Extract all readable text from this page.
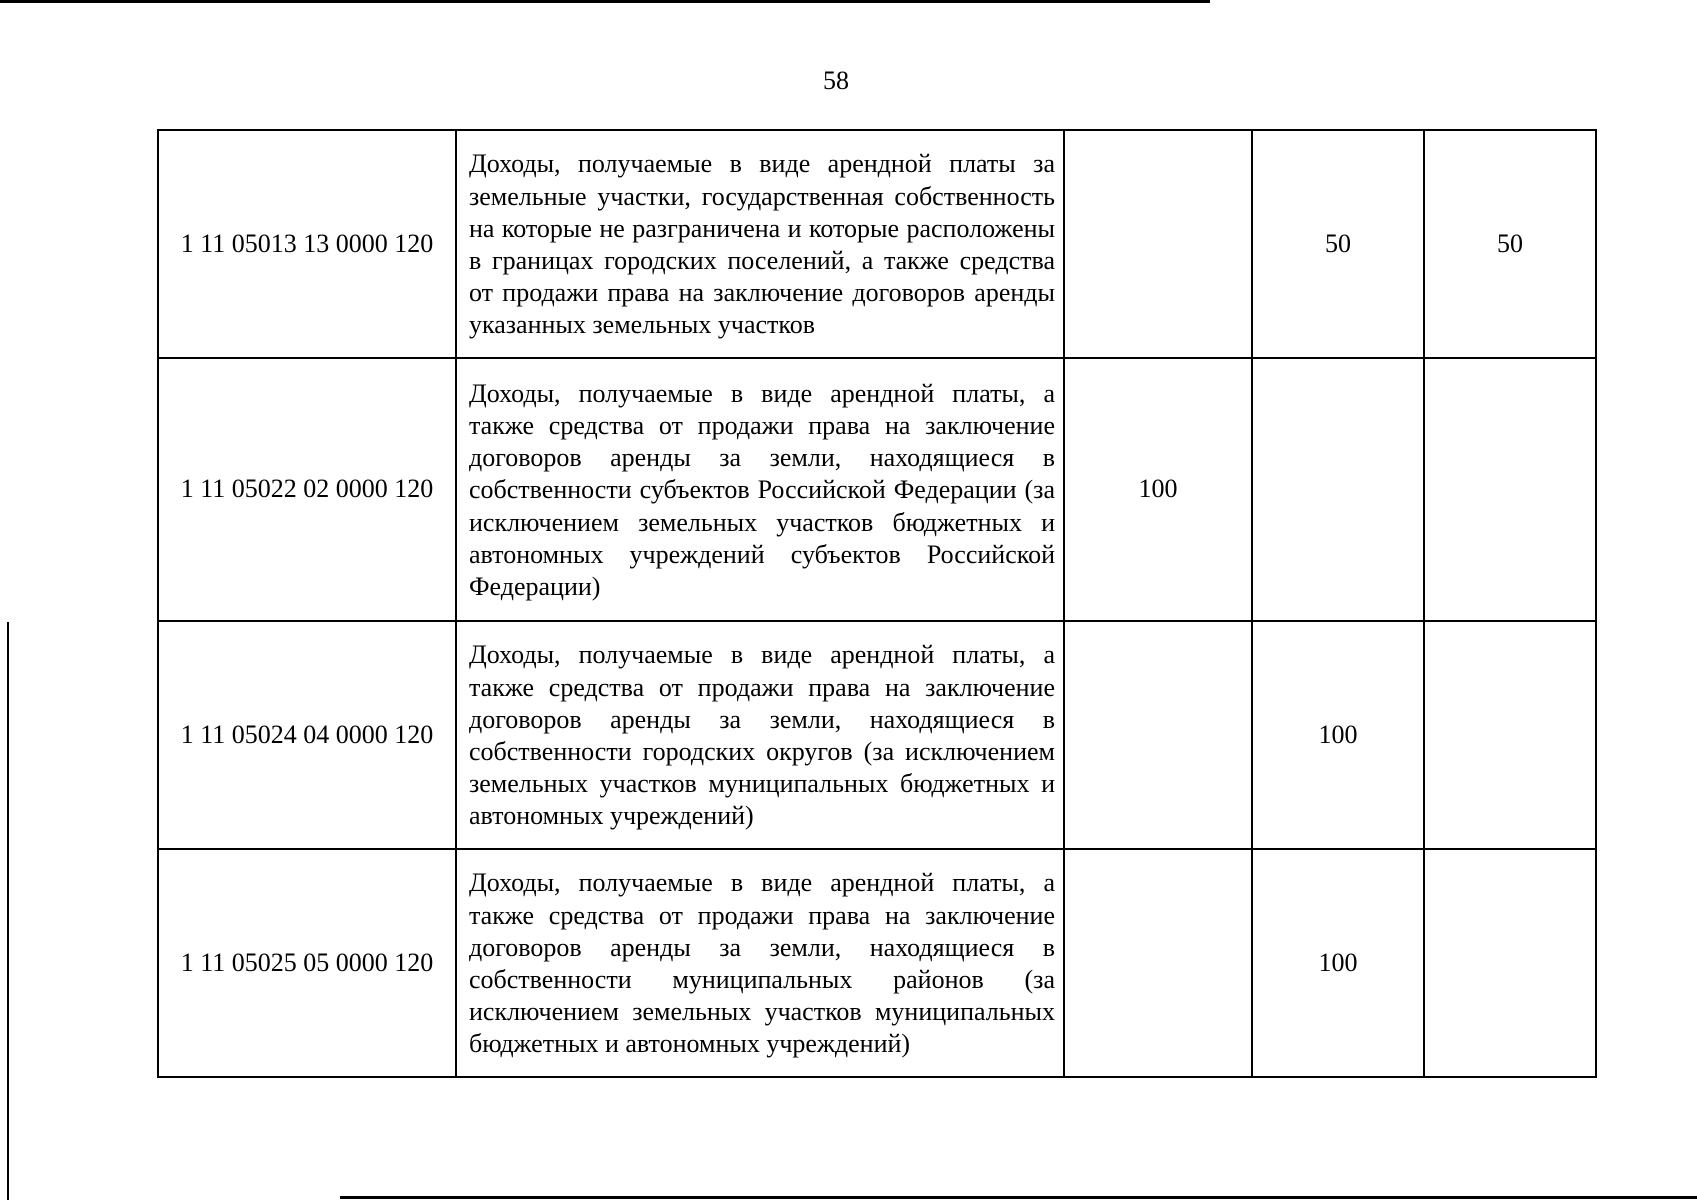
58
1 11 05013 13 0000 120	Доходы, получаемые в виде арендной платы за земельные участки, государственная собственность на которые не разграничена и которые расположены в границах городских поселений, а также средства от продажи права на заключение договоров аренды указанных земельных участков		50	50
1 11 05022 02 0000 120	Доходы, получаемые в виде арендной платы, а также средства от продажи права на заключение договоров аренды за земли, находящиеся в собственности субъектов Российской Федерации (за исключением земельных участков бюджетных и автономных учреждений субъектов Российской Федерации)	100		
1 11 05024 04 0000 120	Доходы, получаемые в виде арендной платы, а также средства от продажи права на заключение договоров аренды за земли, находящиеся в собственности городских округов (за исключением земельных участков муниципальных бюджетных и автономных учреждений)		100	
1 11 05025 05 0000 120	Доходы, получаемые в виде арендной платы, а также средства от продажи права на заключение договоров аренды за земли, находящиеся в собственности муниципальных районов (за исключением земельных участков муниципальных бюджетных и автономных учреждений)		100	
